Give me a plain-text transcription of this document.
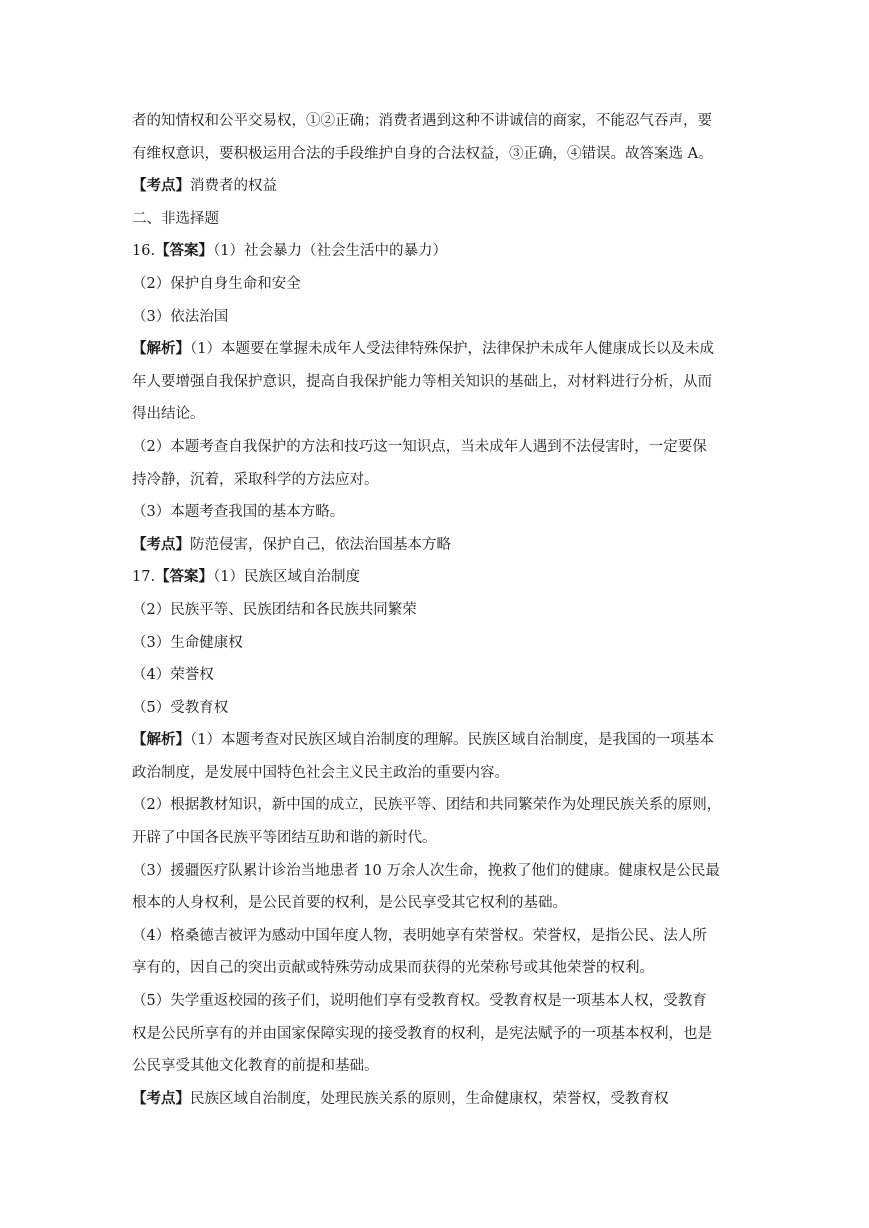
者的知情权和公平交易权，①②正确；消费者遇到这种不讲诚信的商家，不能忍气吞声，要
有维权意识，要积极运用合法的手段维护自身的合法权益，③正确，④错误。故答案选 A。
【考点】消费者的权益
二、非选择题
16.【答案】（1）社会暴力（社会生活中的暴力）
（2）保护自身生命和安全
（3）依法治国
【解析】（1）本题要在掌握未成年人受法律特殊保护，法律保护未成年人健康成长以及未成
年人要增强自我保护意识，提高自我保护能力等相关知识的基础上，对材料进行分析，从而
得出结论。
（2）本题考查自我保护的方法和技巧这一知识点，当未成年人遇到不法侵害时，一定要保
持冷静，沉着，采取科学的方法应对。
（3）本题考查我国的基本方略。
【考点】防范侵害，保护自己，依法治国基本方略
17.【答案】（1）民族区域自治制度
（2）民族平等、民族团结和各民族共同繁荣
（3）生命健康权
（4）荣誉权
（5）受教育权
【解析】（1）本题考查对民族区域自治制度的理解。民族区域自治制度，是我国的一项基本
政治制度，是发展中国特色社会主义民主政治的重要内容。
（2）根据教材知识，新中国的成立，民族平等、团结和共同繁荣作为处理民族关系的原则，
开辟了中国各民族平等团结互助和谐的新时代。
（3）援疆医疗队累计诊治当地患者 10 万余人次生命，挽救了他们的健康。健康权是公民最
根本的人身权利，是公民首要的权利，是公民享受其它权利的基础。
（4）格桑德吉被评为感动中国年度人物，表明她享有荣誉权。荣誉权，是指公民、法人所
享有的，因自己的突出贡献或特殊劳动成果而获得的光荣称号或其他荣誉的权利。
（5）失学重返校园的孩子们，说明他们享有受教育权。受教育权是一项基本人权，受教育
权是公民所享有的并由国家保障实现的接受教育的权利，是宪法赋予的一项基本权利，也是
公民享受其他文化教育的前提和基础。
【考点】民族区域自治制度，处理民族关系的原则，生命健康权，荣誉权，受教育权
